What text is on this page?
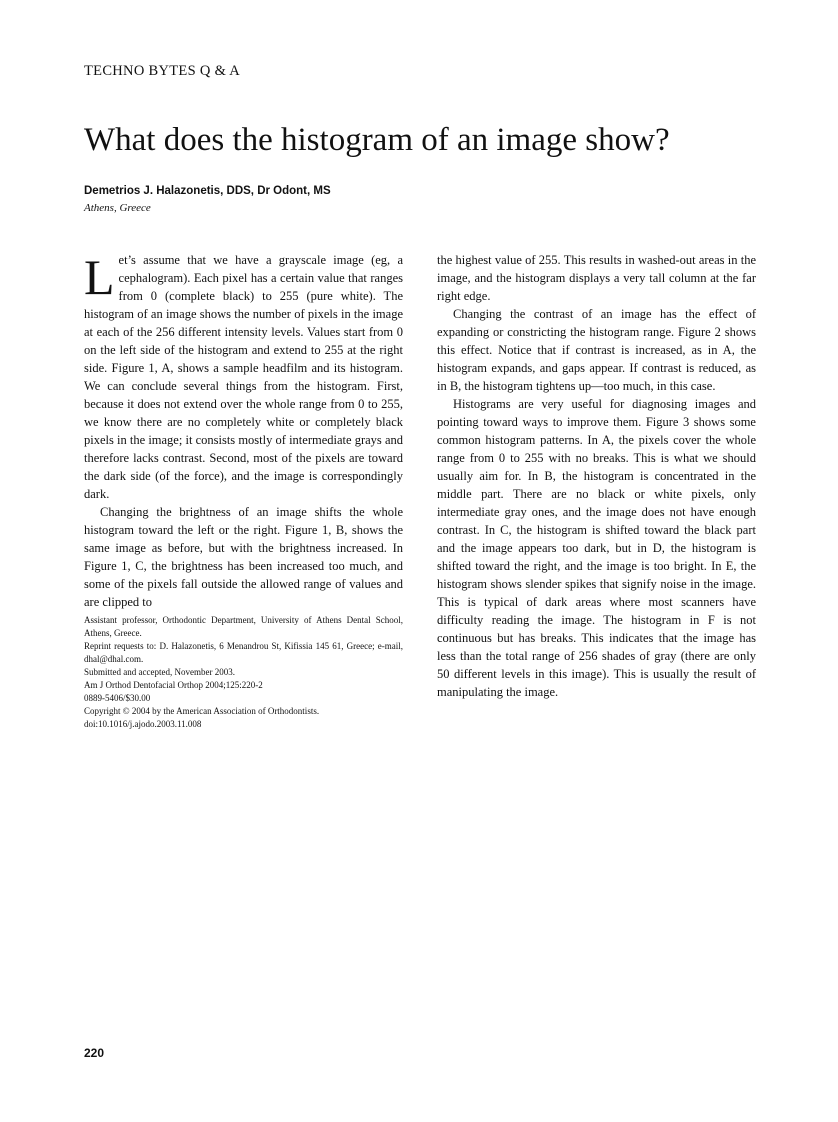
TECHNO BYTES Q & A
What does the histogram of an image show?
Demetrios J. Halazonetis, DDS, Dr Odont, MS
Athens, Greece

Let’s assume that we have a grayscale image (eg, a cephalogram). Each pixel has a certain value that ranges from 0 (complete black) to 255 (pure white). The histogram of an image shows the number of pixels in the image at each of the 256 different intensity levels. Values start from 0 on the left side of the histogram and extend to 255 at the right side. Figure 1, A, shows a sample headfilm and its histogram. We can conclude several things from the histogram. First, because it does not extend over the whole range from 0 to 255, we know there are no completely white or completely black pixels in the image; it consists mostly of intermediate grays and therefore lacks contrast. Second, most of the pixels are toward the dark side (of the force), and the image is correspondingly dark.

Changing the brightness of an image shifts the whole histogram toward the left or the right. Figure 1, B, shows the same image as before, but with the brightness increased. In Figure 1, C, the brightness has been increased too much, and some of the pixels fall outside the allowed range of values and are clipped to

Assistant professor, Orthodontic Department, University of Athens Dental School, Athens, Greece.
Reprint requests to: D. Halazonetis, 6 Menandrou St, Kifissia 145 61, Greece; e-mail, dhal@dhal.com.
Submitted and accepted, November 2003.
Am J Orthod Dentofacial Orthop 2004;125:220-2
0889-5406/$30.00
Copyright © 2004 by the American Association of Orthodontists.
doi:10.1016/j.ajodo.2003.11.008

the highest value of 255. This results in washed-out areas in the image, and the histogram displays a very tall column at the far right edge.

Changing the contrast of an image has the effect of expanding or constricting the histogram range. Figure 2 shows this effect. Notice that if contrast is increased, as in A, the histogram expands, and gaps appear. If contrast is reduced, as in B, the histogram tightens up—too much, in this case.

Histograms are very useful for diagnosing images and pointing toward ways to improve them. Figure 3 shows some common histogram patterns. In A, the pixels cover the whole range from 0 to 255 with no breaks. This is what we should usually aim for. In B, the histogram is concentrated in the middle part. There are no black or white pixels, only intermediate gray ones, and the image does not have enough contrast. In C, the histogram is shifted toward the black part and the image appears too dark, but in D, the histogram is shifted toward the right, and the image is too bright. In E, the histogram shows slender spikes that signify noise in the image. This is typical of dark areas where most scanners have difficulty reading the image. The histogram in F is not continuous but has breaks. This indicates that the image has less than the total range of 256 shades of gray (there are only 50 different levels in this image). This is usually the result of manipulating the image.

220
